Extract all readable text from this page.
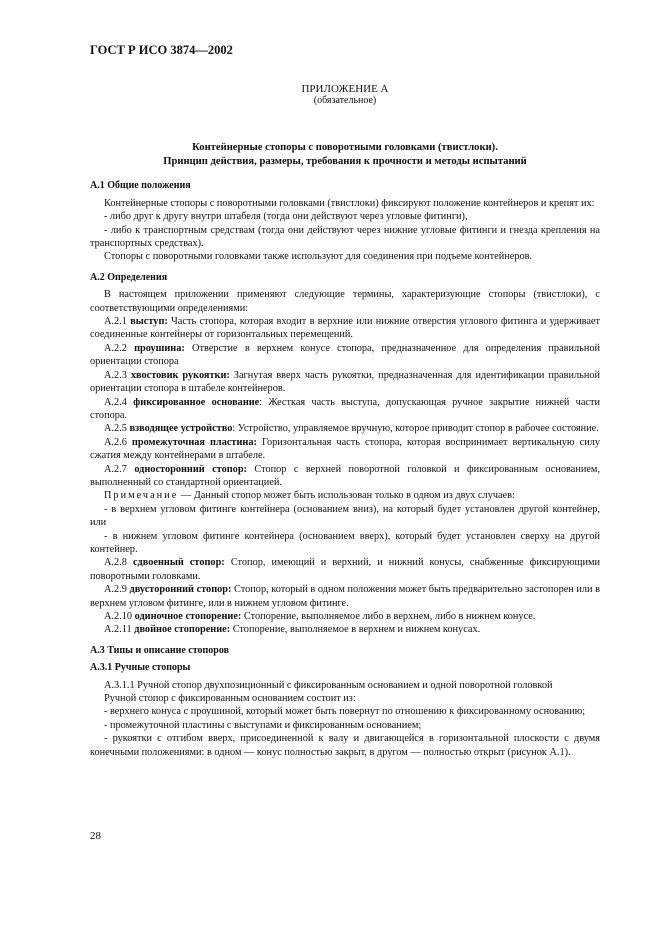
ГОСТ Р ИСО 3874—2002
ПРИЛОЖЕНИЕ А
(обязательное)
Контейнерные стопоры с поворотными головками (твистлоки).
Принцип действия, размеры, требования к прочности и методы испытаний
A.1 Общие положения

Контейнерные стопоры с поворотными головками (твистлоки) фиксируют положение контейнеров и крепят их:

- либо друг к другу внутри штабеля (тогда они действуют через угловые фитинги),

- либо к транспортным средствам (тогда они действуют через нижние угловые фитинги и гнезда крепления на транспортных средствах).

Стопоры с поворотными головками также используют для соединения при подъеме контейнеров.

A.2 Определения

В настоящем приложении применяют следующие термины, характеризующие стопоры (твистлоки), с соответствующими определениями:

A.2.1 выступ: Часть стопора, которая входит в верхние или нижние отверстия углового фитинга и удерживает соединенные контейнеры от горизонтальных перемещений.

A.2.2 проушина: Отверстие в верхнем конусе стопора, предназначенное для определения правильной ориентации стопора

A.2.3 хвостовик рукоятки: Загнутая вверх часть рукоятки, предназначенная для идентификации правильной ориентации стопора в штабеле контейнеров.

A.2.4 фиксированное основание: Жесткая часть выступа, допускающая ручное закрытие нижней части стопора.

A.2.5 взводящее устройство: Устройство, управляемое вручную, которое приводит стопор в рабочее состояние.

A.2.6 промежуточная пластина: Горизонтальная часть стопора, которая воспринимает вертикальную силу сжатия между контейнерами в штабеле.

A.2.7 односторонний стопор: Стопор с верхней поворотной головкой и фиксированным основанием, выполненный со стандартной ориентацией.

Примечание — Данный стопор может быть использован только в одном из двух случаев:

- в верхнем угловом фитинге контейнера (основанием вниз), на который будет установлен другой контейнер, или

- в нижнем угловом фитинге контейнера (основанием вверх), который будет установлен сверху на другой контейнер.

A.2.8 сдвоенный стопор: Стопор, имеющий и верхний, и нижний конусы, снабженные фиксирующими поворотными головками.

A.2.9 двусторонний стопор: Стопор, который в одном положении может быть предварительно застопорен или в верхнем угловом фитинге, или в нижнем угловом фитинге.

A.2.10 одиночное стопорение: Стопорение, выполняемое либо в верхнем, либо в нижнем конусе.

A.2.11 двойное стопорение: Стопорение, выполняемое в верхнем и нижнем конусах.

A.3 Типы и описание стопоров
A.3.1 Ручные стопоры

A.3.1.1 Ручной стопор двухпозиционный с фиксированным основанием и одной поворотной головкой

Ручной стопор с фиксированным основанием состоит из:

- верхнего конуса с проушиной, который может быть повернут по отношению к фиксированному основанию;

- промежуточной пластины с выступами и фиксированным основанием;

- рукоятки с отгибом вверх, присоединенной к валу и двигающейся в горизонтальной плоскости с двумя конечными положениями: в одном — конус полностью закрыт, в другом — полностью открыт (рисунок А.1).

28
